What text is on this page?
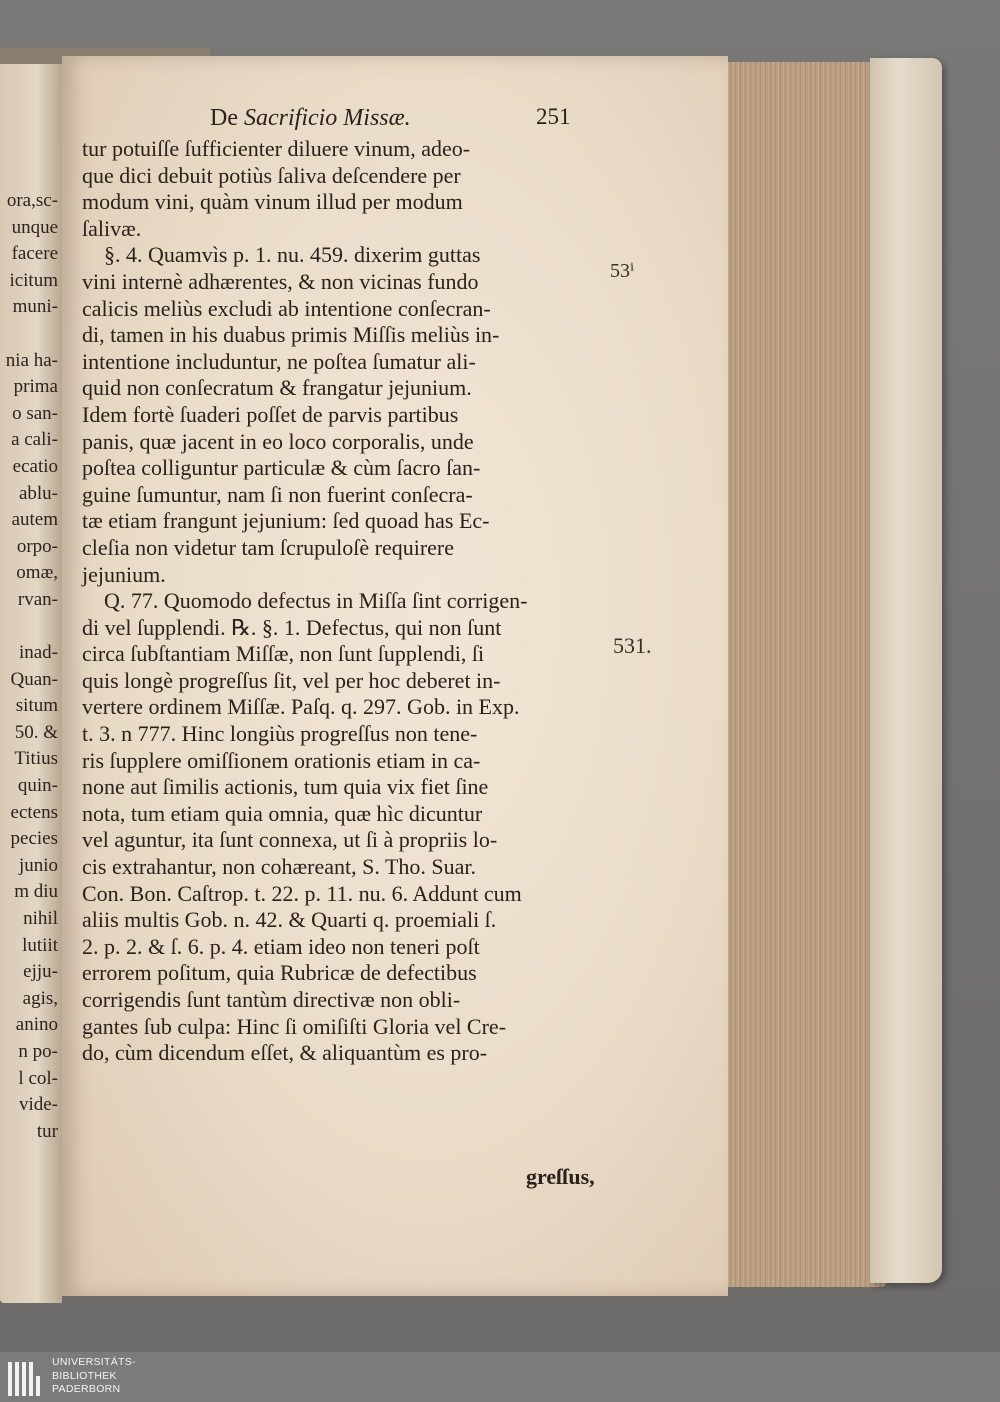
ora,sc-
unque
facere
icitum
muni-
nia ha-
prima
o san-
a cali-
ecatio
ablu-
autem
orpo-
omæ,
rvan-
inad-
Quan-
situm
50. &
Titius
quin-
ectens
pecies
junio
m diu
nihil
lutiit
ejju-
agis,
anino
n po-
l col-
vide-
tur
De Sacrificio Missæ.	251
tur potuiſſe ſufficienter diluere vinum, adeo-
que dici debuit potiùs ſaliva deſcendere per
modum vini, quàm vinum illud per modum
ſalivæ.
§. 4. Quamvìs p. 1. nu. 459. dixerim guttas
vini internè adhærentes, & non vicinas fundo
calicis meliùs excludi ab intentione conſecran-
di, tamen in his duabus primis Miſſis meliùs in-
intentione includuntur, ne poſtea ſumatur ali-
quid non conſecratum & frangatur jejunium.
Idem fortè ſuaderi poſſet de parvis partibus
panis, quæ jacent in eo loco corporalis, unde
poſtea colliguntur particulæ & cùm ſacro ſan-
guine ſumuntur, nam ſi non fuerint conſecra-
tæ etiam frangunt jejunium: ſed quoad has Ec-
cleſia non videtur tam ſcrupuloſè requirere
jejunium.
Q. 77. Quomodo defectus in Miſſa ſint corrigen-
di vel ſupplendi. ℞. §. 1. Defectus, qui non ſunt
circa ſubſtantiam Miſſæ, non ſunt ſupplendi, ſi
quis longè progreſſus ſit, vel per hoc deberet in-
vertere ordinem Miſſæ. Paſq. q. 297. Gob. in Exp.
t. 3. n 777. Hinc longiùs progreſſus non tene-
ris ſupplere omiſſionem orationis etiam in ca-
none aut ſimilis actionis, tum quia vix fiet ſine
nota, tum etiam quia omnia, quæ hìc dicuntur
vel aguntur, ita ſunt connexa, ut ſi à propriis lo-
cis extrahantur, non cohæreant, S. Tho. Suar.
Con. Bon. Caſtrop. t. 22. p. 11. nu. 6. Addunt cum
aliis multis Gob. n. 42. & Quarti q. proemiali ſ.
2. p. 2. & ſ. 6. p. 4. etiam ideo non teneri poſt
errorem poſitum, quia Rubricæ de defectibus
corrigendis ſunt tantùm directivæ non obli-
gantes ſub culpa: Hinc ſi omiſiſti Gloria vel Cre-
do, cùm dicendum eſſet, & aliquantùm es pro-
53ⁱ
531.
greſſus,
UNIVERSITÄTS-
BIBLIOTHEK
PADERBORN
